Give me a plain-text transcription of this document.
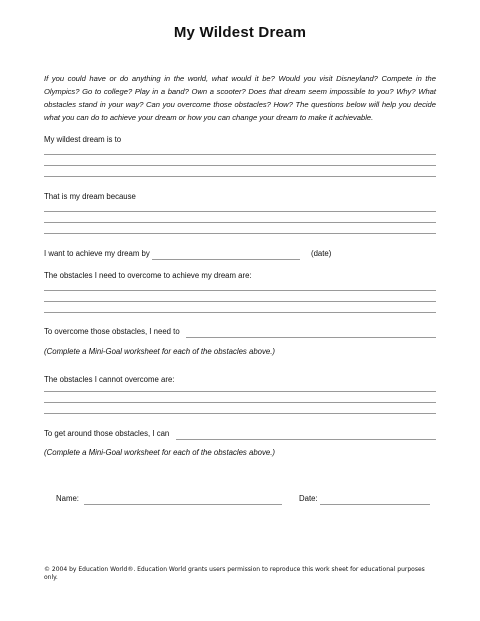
My Wildest Dream
If you could have or do anything in the world, what would it be? Would you visit Disneyland? Compete in the Olympics? Go to college? Play in a band? Own a scooter? Does that dream seem impossible to you? Why? What obstacles stand in your way? Can you overcome those obstacles? How? The questions below will help you decide what you can do to achieve your dream or how you can change your dream to make it achievable.
My wildest dream is to
That is my dream because
I want to achieve my dream by	(date)
The obstacles I need to overcome to achieve my dream are:
To overcome those obstacles, I need to
(Complete a Mini-Goal worksheet for each of the obstacles above.)
The obstacles I cannot overcome are:
To get around those obstacles, I can
(Complete a Mini-Goal worksheet for each of the obstacles above.)
Name:	Date:
© 2004 by Education World®. Education World grants users permission to reproduce this work sheet for educational purposes only.
